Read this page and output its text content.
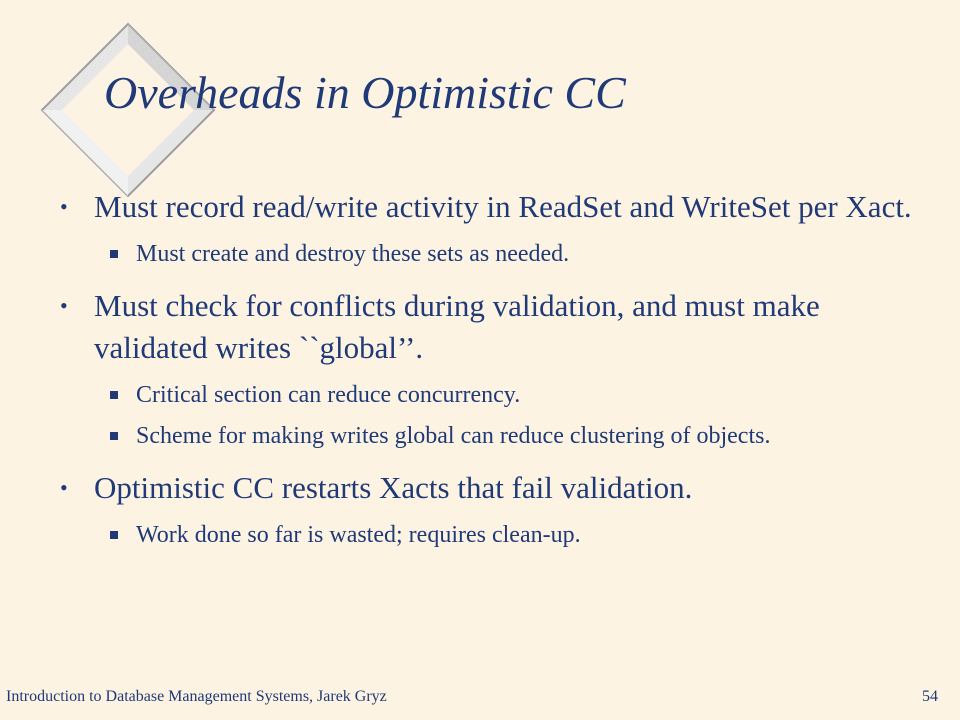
Overheads in Optimistic CC
• Must record read/write activity in ReadSet and WriteSet per Xact.
Must create and destroy these sets as needed.
• Must check for conflicts during validation, and must make validated writes ``global’’.
Critical section can reduce concurrency.
Scheme for making writes global can reduce clustering of objects.
• Optimistic CC restarts Xacts that fail validation.
Work done so far is wasted; requires clean-up.
Introduction to Database Management Systems, Jarek Gryz	54
